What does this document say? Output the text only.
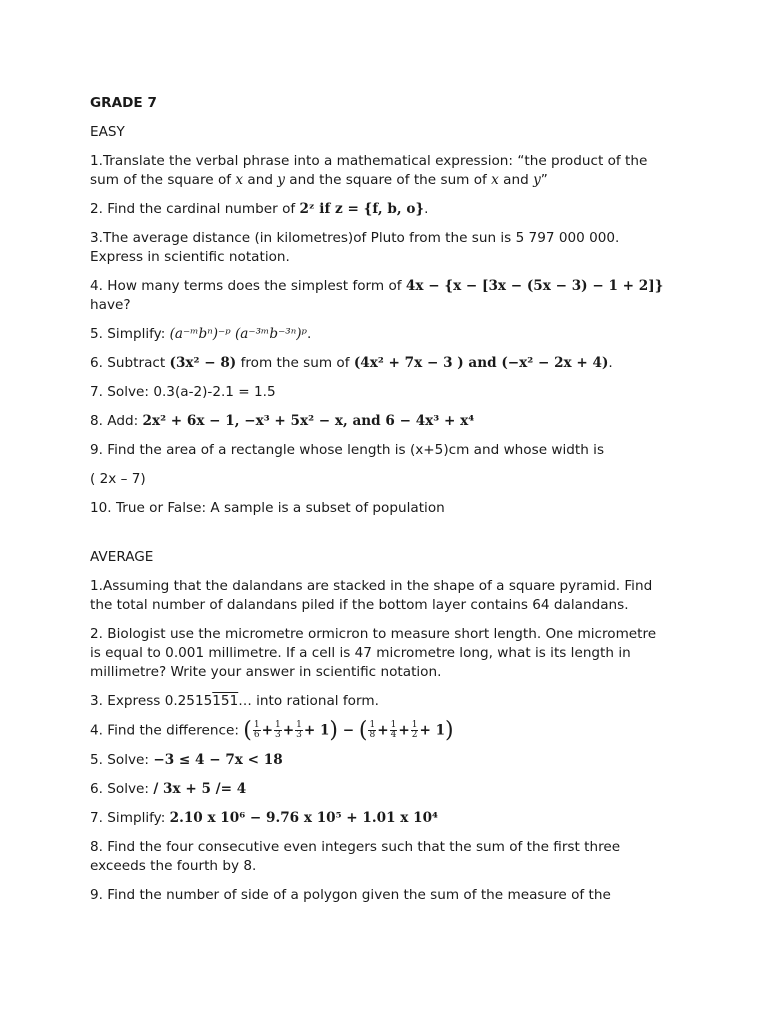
GRADE 7

EASY

1.Translate the verbal phrase into a mathematical expression: “the product of the
sum of the square of x and y and the square of the sum of x and y”

2. Find the cardinal number of 2ᶻ if z = {f, b, o}.

3.The average distance (in kilometres)of Pluto from the sun is 5 797 000 000.
Express in scientific notation.

4. How many terms does the simplest form of 4x − {x − [3x − (5x − 3) − 1 + 2]} have?

5. Simplify: (a⁻ᵐbⁿ)⁻ᵖ (a⁻³ᵐb⁻³ⁿ)ᵖ.

6. Subtract (3x² − 8) from the sum of (4x² + 7x − 3 ) and (−x² − 2x + 4).

7. Solve: 0.3(a-2)-2.1 = 1.5

8. Add: 2x² + 6x − 1, −x³ + 5x² − x, and 6 − 4x³ + x⁴

9. Find the area of a rectangle whose length is (x+5)cm and whose width is

( 2x – 7)

10. True or False: A sample is a subset of population

AVERAGE

1.Assuming that the dalandans are stacked in the shape of a square pyramid. Find
the total number of dalandans piled if the bottom layer contains 64 dalandans.
2. Biologist use the micrometre ormicron to measure short length. One micrometre
is equal to 0.001 millimetre. If a cell is 47 micrometre long, what is its length in
millimetre? Write your answer in scientific notation.

3. Express 0.2515151… into rational form.

4. Find the difference: ( $\frac{1}{6} + \frac{1}{3} + \frac{1}{3} + 1$) − ( $\frac{1}{8} + \frac{1}{4} + \frac{1}{2} + 1$)

5. Solve: −3 ≤ 4 − 7x < 18

6. Solve: / 3x + 5 /= 4

7. Simplify: 2.10 x 10⁶ − 9.76 x 10⁵ + 1.01 x 10⁴

8. Find the four consecutive even integers such that the sum of the first three
exceeds the fourth by 8.

9. Find the number of side of a polygon given the sum of the measure of the
